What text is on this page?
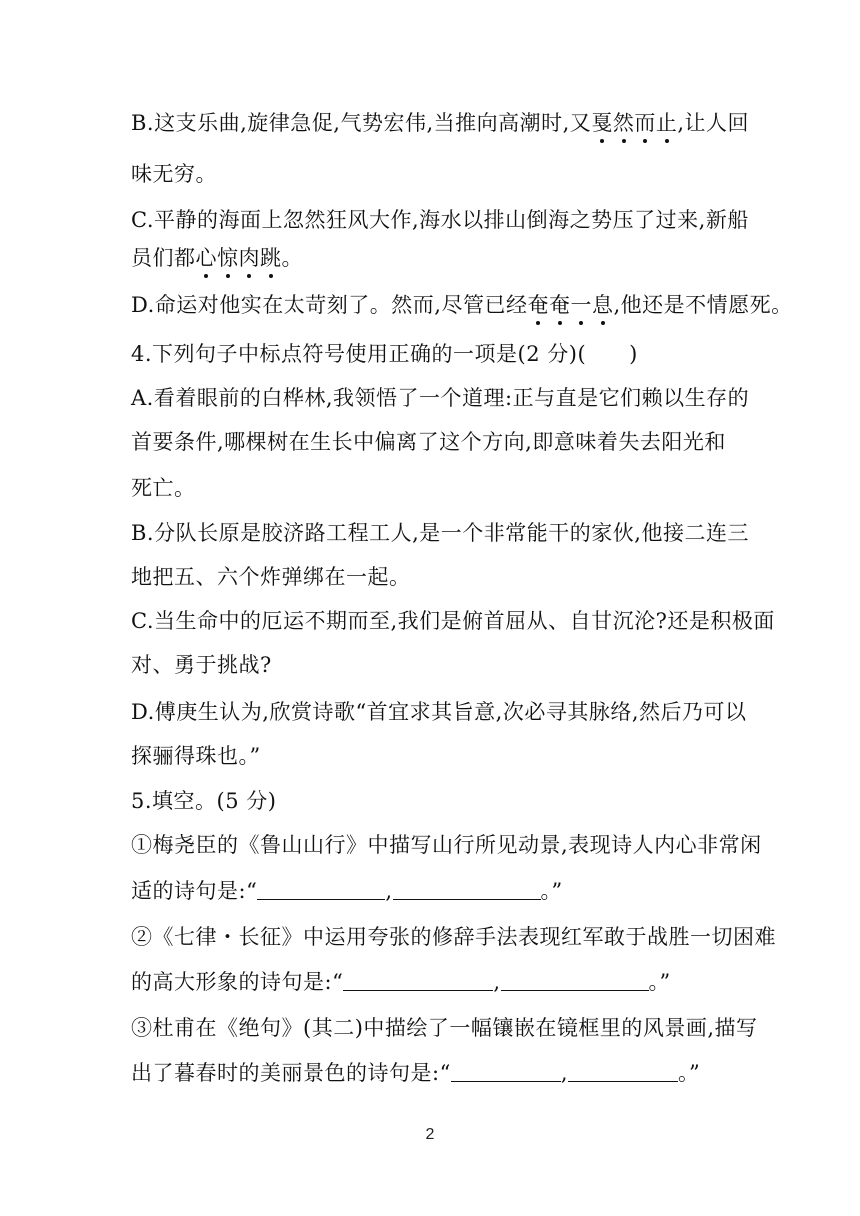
B.这支乐曲,旋律急促,气势宏伟,当推向高潮时,又戛然而止,让人回
味无穷。
C.平静的海面上忽然狂风大作,海水以排山倒海之势压了过来,新船
员们都心惊肉跳。
D.命运对他实在太苛刻了。然而,尽管已经奄奄一息,他还是不情愿死。
4.下列句子中标点符号使用正确的一项是(2 分)(　　)
A.看着眼前的白桦林,我领悟了一个道理:正与直是它们赖以生存的
首要条件,哪棵树在生长中偏离了这个方向,即意味着失去阳光和
死亡。
B.分队长原是胶济路工程工人,是一个非常能干的家伙,他接二连三
地把五、六个炸弹绑在一起。
C.当生命中的厄运不期而至,我们是俯首屈从、自甘沉沦?还是积极面
对、勇于挑战?
D.傅庚生认为,欣赏诗歌“首宜求其旨意,次必寻其脉络,然后乃可以
探骊得珠也。”
5.填空。(5 分)
①梅尧臣的《鲁山山行》中描写山行所见动景,表现诗人内心非常闲
适的诗句是:“	,	。”
②《七律・长征》中运用夸张的修辞手法表现红军敢于战胜一切困难
的高大形象的诗句是:“	,	。”
③杜甫在《绝句》(其二)中描绘了一幅镶嵌在镜框里的风景画,描写
出了暮春时的美丽景色的诗句是:“	,	。”
2
